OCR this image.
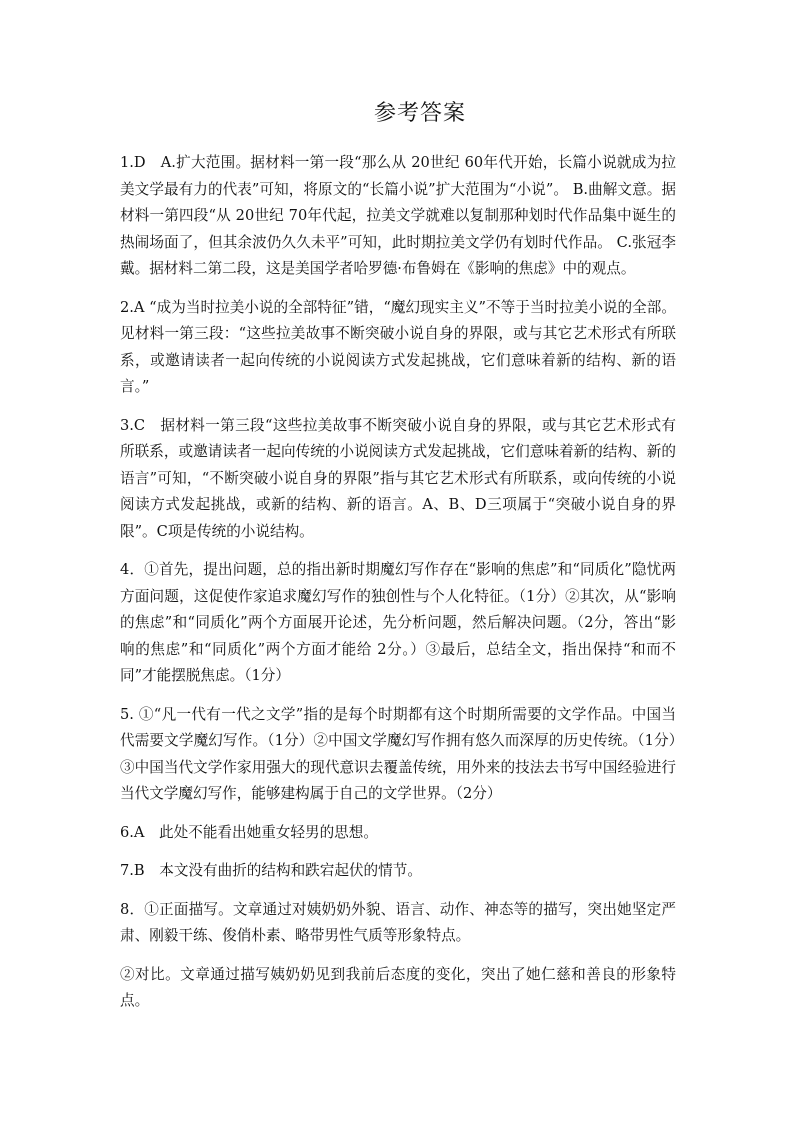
参考答案

1.D　A.扩大范围。据材料一第一段“那么从 20世纪 60年代开始，长篇小说就成为拉美文学最有力的代表”可知，将原文的“长篇小说”扩大范围为“小说”。 B.曲解文意。据材料一第四段“从 20世纪 70年代起，拉美文学就难以复制那种划时代作品集中诞生的热闹场面了，但其余波仍久久未平”可知，此时期拉美文学仍有划时代作品。 C.张冠李戴。据材料二第二段，这是美国学者哈罗德·布鲁姆在《影响的焦虑》中的观点。

2.A “成为当时拉美小说的全部特征”错，“魔幻现实主义”不等于当时拉美小说的全部。见材料一第三段：“这些拉美故事不断突破小说自身的界限，或与其它艺术形式有所联系，或邀请读者一起向传统的小说阅读方式发起挑战，它们意味着新的结构、新的语言。”

3.C　据材料一第三段“这些拉美故事不断突破小说自身的界限，或与其它艺术形式有所联系，或邀请读者一起向传统的小说阅读方式发起挑战，它们意味着新的结构、新的语言”可知，“不断突破小说自身的界限”指与其它艺术形式有所联系，或向传统的小说阅读方式发起挑战，或新的结构、新的语言。A、B、D三项属于“突破小说自身的界限”。C项是传统的小说结构。

4．①首先，提出问题，总的指出新时期魔幻写作存在“影响的焦虑”和“同质化”隐忧两方面问题，这促使作家追求魔幻写作的独创性与个人化特征。（1分）②其次，从“影响的焦虑”和“同质化”两个方面展开论述，先分析问题，然后解决问题。（2分，答出“影响的焦虑”和“同质化”两个方面才能给 2分。）③最后，总结全文，指出保持“和而不同”才能摆脱焦虑。（1分）

5. ①“凡一代有一代之文学”指的是每个时期都有这个时期所需要的文学作品。中国当代需要文学魔幻写作。（1分）②中国文学魔幻写作拥有悠久而深厚的历史传统。（1分）③中国当代文学作家用强大的现代意识去覆盖传统，用外来的技法去书写中国经验进行当代文学魔幻写作，能够建构属于自己的文学世界。（2分）

6.A　此处不能看出她重女轻男的思想。

7.B　本文没有曲折的结构和跌宕起伏的情节。

8．①正面描写。文章通过对姨奶奶外貌、语言、动作、神态等的描写，突出她坚定严肃、刚毅干练、俊俏朴素、略带男性气质等形象特点。

②对比。文章通过描写姨奶奶见到我前后态度的变化，突出了她仁慈和善良的形象特点。
